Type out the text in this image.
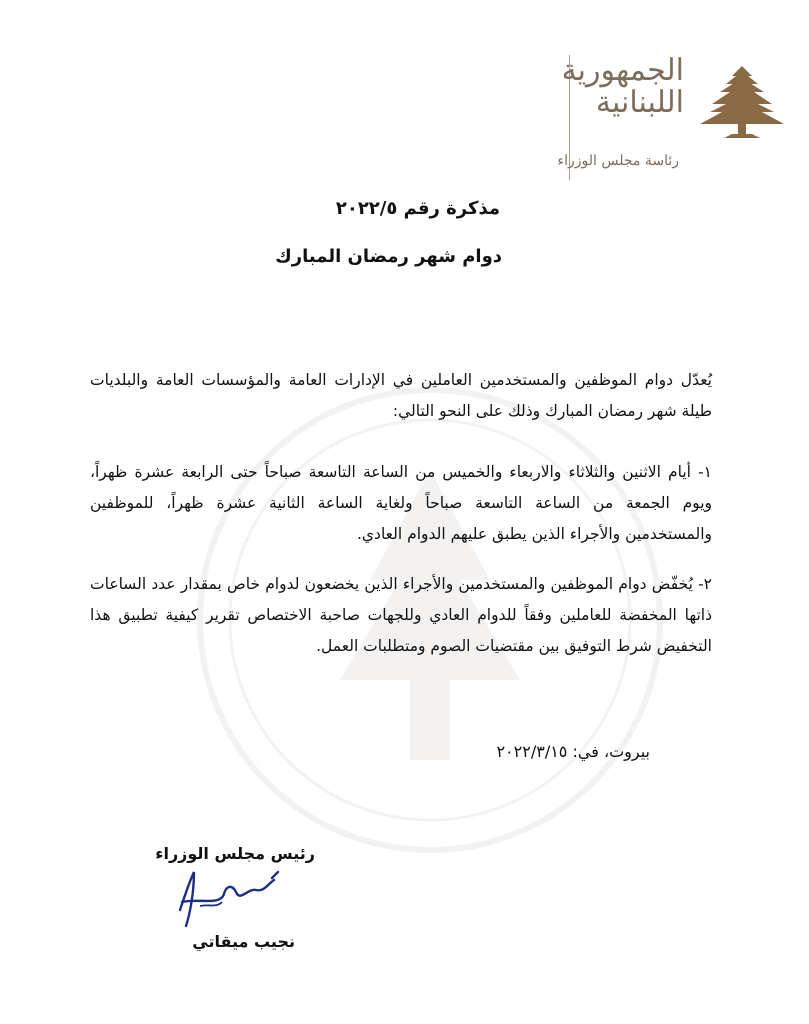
الجمهورية اللبنانية
رئاسة مجلس الوزراء
مذكرة رقم ٢٠٢٢/٥
دوام شهر رمضان المبارك
يُعدّل دوام الموظفين والمستخدمين العاملين في الإدارات العامة والمؤسسات العامة والبلديات طيلة شهر رمضان المبارك وذلك على النحو التالي:
١- أيام الاثنين والثلاثاء والاربعاء والخميس من الساعة التاسعة صباحاً حتى الرابعة عشرة ظهراً، ويوم الجمعة من الساعة التاسعة صباحاً ولغاية الساعة الثانية عشرة ظهراً، للموظفين والمستخدمين والأجراء الذين يطبق عليهم الدوام العادي.
٢- يُخفّض دوام الموظفين والمستخدمين والأجراء الذين يخضعون لدوام خاص بمقدار عدد الساعات ذاتها المخفضة للعاملين وفقاً للدوام العادي وللجهات صاحبة الاختصاص تقرير كيفية تطبيق هذا التخفيض شرط التوفيق بين مقتضيات الصوم ومتطلبات العمل.
بيروت، في: ٢٠٢٢/٣/١٥
رئيس مجلس الوزراء
نجيب ميقاتي
